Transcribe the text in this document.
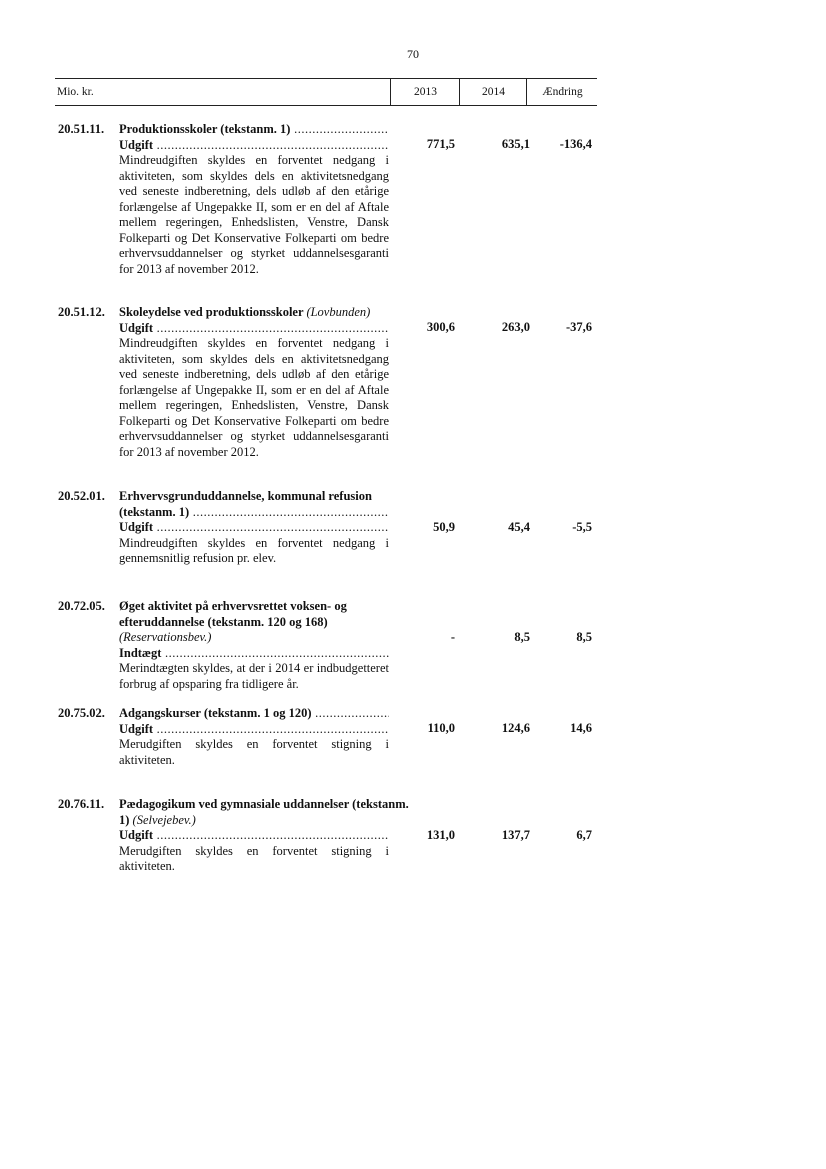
70
Mio. kr.	2013	2014	Ændring
20.51.11. Produktionsskoler (tekstanm. 1) .....
Udgift .....
Mindreudgiften skyldes en forventet nedgang i aktiviteten, som skyldes dels en aktivitetsnedgang ved seneste indberetning, dels udløb af den etårige forlængelse af Ungepakke II, som er en del af Aftale mellem regeringen, Enhedslisten, Venstre, Dansk Folkeparti og Det Konservative Folkeparti om bedre erhvervsuddannelser og styrket uddannelsesgaranti for 2013 af november 2012.
771,5	635,1	-136,4
20.51.12. Skoleydelse ved produktionsskoler (Lovbunden)
Udgift .....
Mindreudgiften skyldes en forventet nedgang i aktiviteten, som skyldes dels en aktivitetsnedgang ved seneste indberetning, dels udløb af den etårige forlængelse af Ungepakke II, som er en del af Aftale mellem regeringen, Enhedslisten, Venstre, Dansk Folkeparti og Det Konservative Folkeparti om bedre erhvervsuddannelser og styrket uddannelsesgaranti for 2013 af november 2012.
300,6	263,0	-37,6
20.52.01. Erhvervsgrunduddannelse, kommunal refusion
(tekstanm. 1) .....
Udgift .....
Mindreudgiften skyldes en forventet nedgang i gennemsnitlig refusion pr. elev.
50,9	45,4	-5,5
20.72.05. Øget aktivitet på erhvervsrettet voksen- og efteruddannelse (tekstanm. 120 og 168) (Reservationsbev.)
Indtægt .....
Merindtægten skyldes, at der i 2014 er indbudgetteret forbrug af opsparing fra tidligere år.
-	8,5	8,5
20.75.02. Adgangskurser (tekstanm. 1 og 120) .....
Udgift .....
Merudgiften skyldes en forventet stigning i aktiviteten.
110,0	124,6	14,6
20.76.11. Pædagogikum ved gymnasiale uddannelser (tekstanm. 1) (Selvejebev.)
Udgift .....
Merudgiften skyldes en forventet stigning i aktiviteten.
131,0	137,7	6,7
